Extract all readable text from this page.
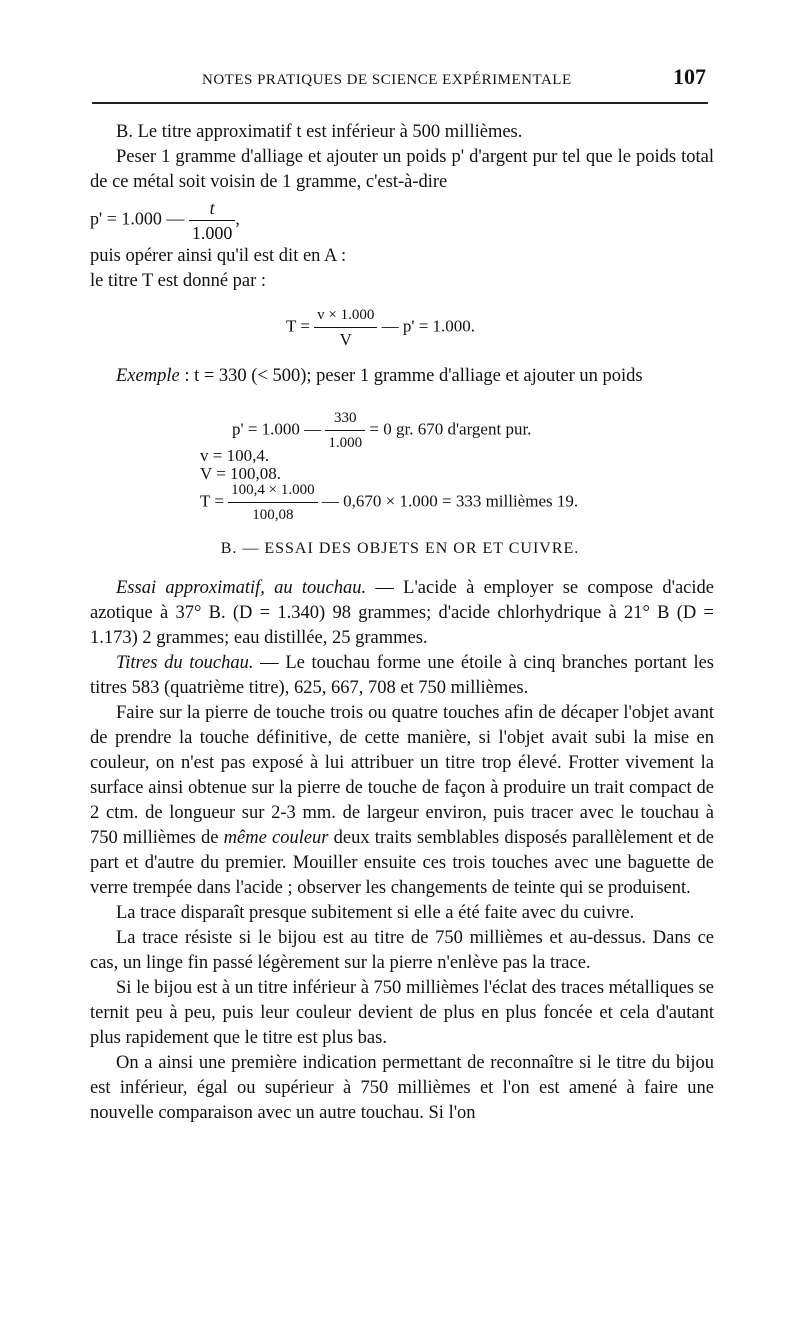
NOTES PRATIQUES DE SCIENCE EXPÉRIMENTALE	107

B. Le titre approximatif t est inférieur à 500 millièmes.

Peser 1 gramme d'alliage et ajouter un poids p' d'argent pur tel que le poids total de ce métal soit voisin de 1 gramme, c'est-à-dire

p' = 1.000 — $\frac{t}{1.000}$ ,

puis opérer ainsi qu'il est dit en A :

le titre T est donné par :

$T = \frac{v \times 1.000}{V}$ — p' = 1.000.

Exemple : t = 330 (< 500); peser 1 gramme d'alliage et ajouter un poids

p' = 1.000 — $\frac{330}{1.000} = 0$ gr. 670 d'argent pur.
v = 100,4.
V = 100,08.
$T = \frac{100,4 \times 1.000}{100,08}$ — 0,670 × 1.000 = 333 millièmes 19.
B. — ESSAI DES OBJETS EN OR ET CUIVRE.

Essai approximatif, au touchau. — L'acide à employer se compose d'acide azotique à 37° B. (D = 1.340) 98 grammes; d'acide chlorhydrique à 21° B (D = 1.173) 2 grammes; eau distillée, 25 grammes.

Titres du touchau. — Le touchau forme une étoile à cinq branches portant les titres 583 (quatrième titre), 625, 667, 708 et 750 millièmes.

Faire sur la pierre de touche trois ou quatre touches afin de décaper l'objet avant de prendre la touche définitive, de cette manière, si l'objet avait subi la mise en couleur, on n'est pas exposé à lui attribuer un titre trop élevé. Frotter vivement la surface ainsi obtenue sur la pierre de touche de façon à produire un trait compact de 2 ctm. de longueur sur 2-3 mm. de largeur environ, puis tracer avec le touchau à 750 millièmes de même couleur deux traits semblables disposés parallèlement et de part et d'autre du premier. Mouiller ensuite ces trois touches avec une baguette de verre trempée dans l'acide ; observer les changements de teinte qui se produisent.

La trace disparaît presque subitement si elle a été faite avec du cuivre.

La trace résiste si le bijou est au titre de 750 millièmes et au-dessus. Dans ce cas, un linge fin passé légèrement sur la pierre n'enlève pas la trace.

Si le bijou est à un titre inférieur à 750 millièmes l'éclat des traces métalliques se ternit peu à peu, puis leur couleur devient de plus en plus foncée et cela d'autant plus rapidement que le titre est plus bas.

On a ainsi une première indication permettant de reconnaître si le titre du bijou est inférieur, égal ou supérieur à 750 millièmes et l'on est amené à faire une nouvelle comparaison avec un autre touchau. Si l'on
